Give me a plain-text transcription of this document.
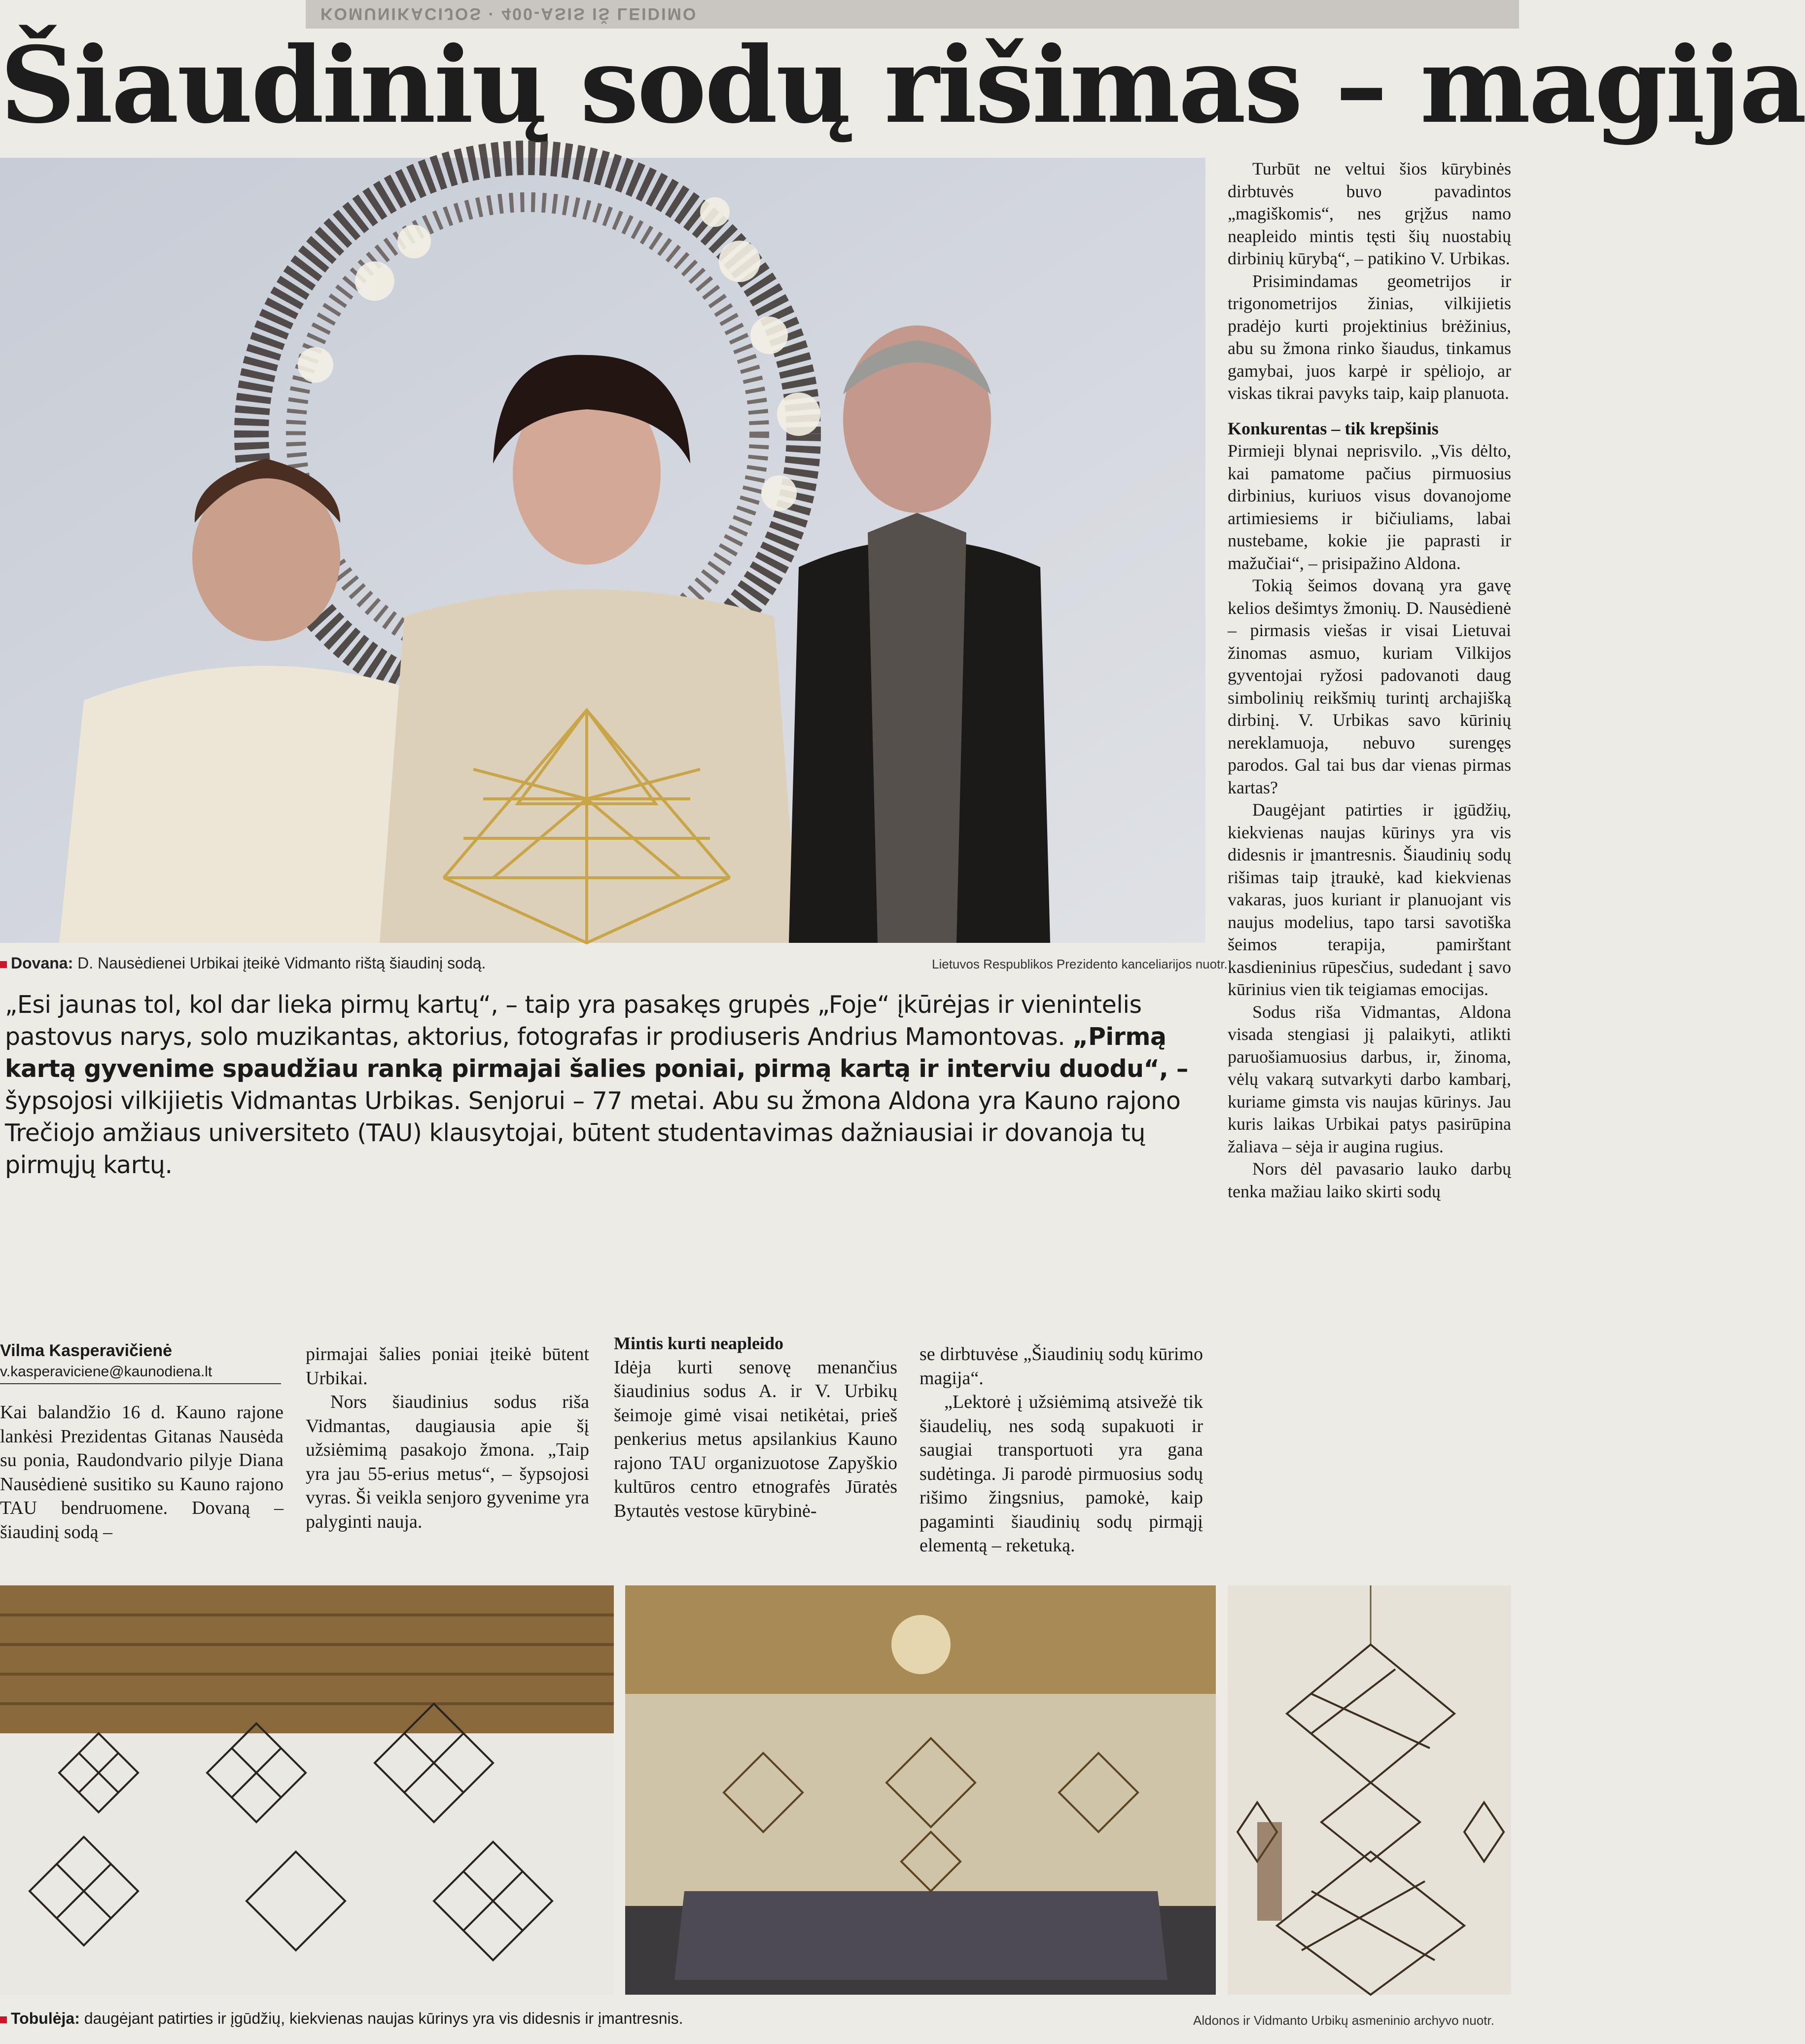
KOMUNIKACIJOS · 400-ASIS IŠ LEIDIMO
Šiaudinių sodų rišimas – magija
Dovana: D. Nausėdienei Urbikai įteikė Vidmanto rištą šiaudinį sodą.	Lietuvos Respublikos Prezidento kanceliarijos nuotr.
„Esi jaunas tol, kol dar lieka pirmų kartų“, – taip yra pasakęs grupės „Foje“ įkūrėjas ir vienintelis pastovus narys, solo muzikantas, aktorius, fotografas ir prodiuseris Andrius Mamontovas. „Pirmą kartą gyvenime spaudžiau ranką pirmajai šalies poniai, pirmą kartą ir interviu duodu“, – šypsojosi vilkijietis Vidmantas Urbikas. Senjorui – 77 metai. Abu su žmona Aldona yra Kauno rajono Trečiojo amžiaus universiteto (TAU) klausytojai, būtent studentavimas dažniausiai ir dovanoja tų pirmųjų kartų.
Vilma Kasperavičienė
v.kasperaviciene@kaunodiena.lt

Kai balandžio 16 d. Kauno rajone lankėsi Prezidentas Gitanas Nausėda su ponia, Raudondvario pilyje Diana Nausėdienė susitiko su Kauno rajono TAU bendruomene. Dovaną – šiaudinį sodą –

pirmajai šalies poniai įteikė būtent Urbikai.

Nors šiaudinius sodus riša Vidmantas, daugiausia apie šį užsiėmimą pasakojo žmona. „Taip yra jau 55-erius metus“, – šypsojosi vyras. Ši veikla senjoro gyvenime yra palyginti nauja.

Mintis kurti neapleido

Idėja kurti senovę menančius šiaudinius sodus A. ir V. Urbikų šeimoje gimė visai netikėtai, prieš penkerius metus apsilankius Kauno rajono TAU organizuotose Zapyškio kultūros centro etnografės Jūratės Bytautės vestose kūrybinė-

se dirbtuvėse „Šiaudinių sodų kūrimo magija“.

„Lektorė į užsiėmimą atsivežė tik šiaudelių, nes sodą supakuoti ir saugiai transportuoti yra gana sudėtinga. Ji parodė pirmuosius sodų rišimo žingsnius, pamokė, kaip pagaminti šiaudinių sodų pirmąjį elementą – reketuką.

Turbūt ne veltui šios kūrybinės dirbtuvės buvo pavadintos „magiškomis“, nes grįžus namo neapleido mintis tęsti šių nuostabių dirbinių kūrybą“, – patikino V. Urbikas.

Prisimindamas geometrijos ir trigonometrijos žinias, vilkijietis pradėjo kurti projektinius brėžinius, abu su žmona rinko šiaudus, tinkamus gamybai, juos karpė ir spėliojo, ar viskas tikrai pavyks taip, kaip planuota.

Konkurentas – tik krepšinis

Pirmieji blynai neprisvilo. „Vis dėlto, kai pamatome pačius pirmuosius dirbinius, kuriuos visus dovanojome artimiesiems ir bičiuliams, labai nustebame, kokie jie paprasti ir mažučiai“, – prisipažino Aldona.

Tokią šeimos dovaną yra gavę kelios dešimtys žmonių. D. Nausėdienė – pirmasis viešas ir visai Lietuvai žinomas asmuo, kuriam Vilkijos gyventojai ryžosi padovanoti daug simbolinių reikšmių turintį archajišką dirbinį. V. Urbikas savo kūrinių nereklamuoja, nebuvo surengęs parodos. Gal tai bus dar vienas pirmas kartas?

Daugėjant patirties ir įgūdžių, kiekvienas naujas kūrinys yra vis didesnis ir įmantresnis. Šiaudinių sodų rišimas taip įtraukė, kad kiekvienas vakaras, juos kuriant ir planuojant vis naujus modelius, tapo tarsi savotiška šeimos terapija, pamirštant kasdieninius rūpesčius, sudedant į savo kūrinius vien tik teigiamas emocijas.

Sodus riša Vidmantas, Aldona visada stengiasi jį palaikyti, atlikti paruošiamuosius darbus, ir, žinoma, vėlų vakarą sutvarkyti darbo kambarį, kuriame gimsta vis naujas kūrinys. Jau kuris laikas Urbikai patys pasirūpina žaliava – sėja ir augina rugius.

Nors dėl pavasario lauko darbų tenka mažiau laiko skirti sodų

Tobulėja: daugėjant patirties ir įgūdžių, kiekvienas naujas kūrinys yra vis didesnis ir įmantresnis.	Aldonos ir Vidmanto Urbikų asmeninio archyvo nuotr.
